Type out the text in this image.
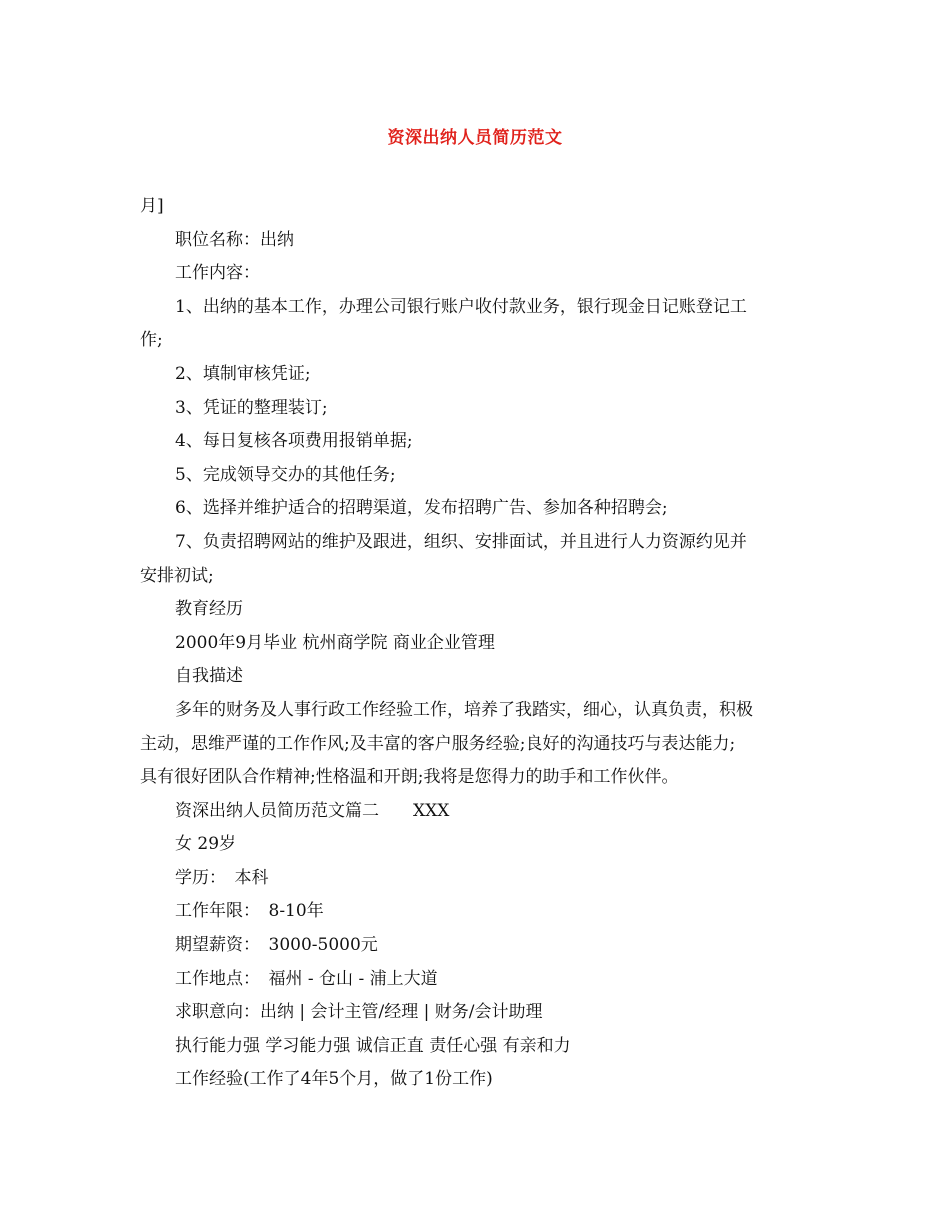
资深出纳人员简历范文
月]
职位名称：出纳
工作内容：
1、出纳的基本工作，办理公司银行账户收付款业务，银行现金日记账登记工
作;
2、填制审核凭证;
3、凭证的整理装订;
4、每日复核各项费用报销单据;
5、完成领导交办的其他任务;
6、选择并维护适合的招聘渠道，发布招聘广告、参加各种招聘会;
7、负责招聘网站的维护及跟进，组织、安排面试，并且进行人力资源约见并
安排初试;
教育经历
2000年9月毕业 杭州商学院 商业企业管理
自我描述
多年的财务及人事行政工作经验工作，培养了我踏实，细心，认真负责，积极
主动，思维严谨的工作作风;及丰富的客户服务经验;良好的沟通技巧与表达能力;
具有很好团队合作精神;性格温和开朗;我将是您得力的助手和工作伙伴。
资深出纳人员简历范文篇二　　XXX
女 29岁
学历：　本科
工作年限：　8-10年
期望薪资：　3000-5000元
工作地点：　福州 - 仓山 - 浦上大道
求职意向：出纳 | 会计主管/经理 | 财务/会计助理
执行能力强 学习能力强 诚信正直 责任心强 有亲和力
工作经验(工作了4年5个月，做了1份工作)
